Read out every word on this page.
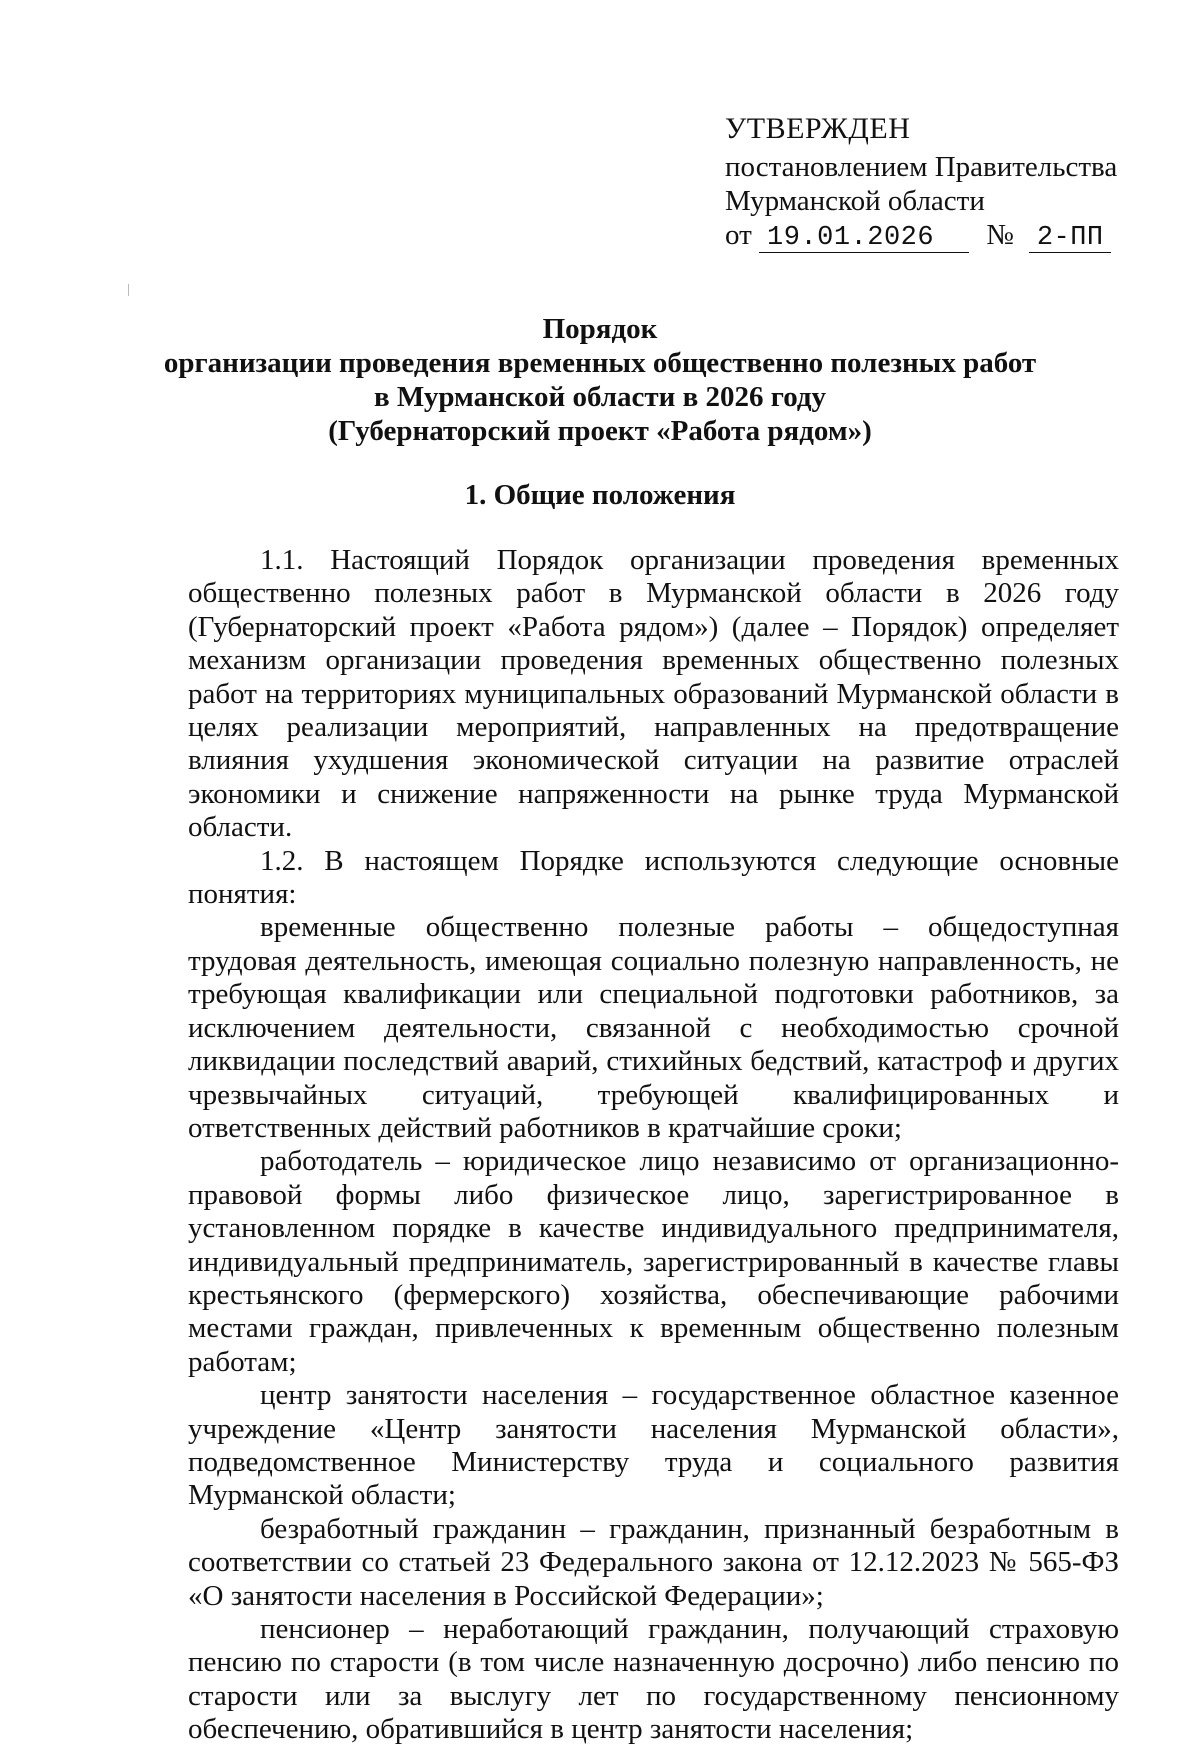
УТВЕРЖДЕН
постановлением Правительства
Мурманской области
от 19.01.2026 № 2-ПП
Порядок
организации проведения временных общественно полезных работ
в Мурманской области в 2026 году
(Губернаторский проект «Работа рядом»)
1. Общие положения

1.1. Настоящий Порядок организации проведения временных общественно полезных работ в Мурманской области в 2026 году (Губернаторский проект «Работа рядом») (далее – Порядок) определяет механизм организации проведения временных общественно полезных работ на территориях муниципальных образований Мурманской области в целях реализации мероприятий, направленных на предотвращение влияния ухудшения экономической ситуации на развитие отраслей экономики и снижение напряженности на рынке труда Мурманской области.

1.2. В настоящем Порядке используются следующие основные понятия:

временные общественно полезные работы – общедоступная трудовая деятельность, имеющая социально полезную направленность, не требующая квалификации или специальной подготовки работников, за исключением деятельности, связанной с необходимостью срочной ликвидации последствий аварий, стихийных бедствий, катастроф и других чрезвычайных ситуаций, требующей квалифицированных и ответственных действий работников в кратчайшие сроки;

работодатель – юридическое лицо независимо от организационно-правовой формы либо физическое лицо, зарегистрированное в установленном порядке в качестве индивидуального предпринимателя, индивидуальный предприниматель, зарегистрированный в качестве главы крестьянского (фермерского) хозяйства, обеспечивающие рабочими местами граждан, привлеченных к временным общественно полезным работам;

центр занятости населения – государственное областное казенное учреждение «Центр занятости населения Мурманской области», подведомственное Министерству труда и социального развития Мурманской области;

безработный гражданин – гражданин, признанный безработным в соответствии со статьей 23 Федерального закона от 12.12.2023 № 565-ФЗ «О занятости населения в Российской Федерации»;

пенсионер – неработающий гражданин, получающий страховую пенсию по старости (в том числе назначенную досрочно) либо пенсию по старости или за выслугу лет по государственному пенсионному обеспечению, обратившийся в центр занятости населения;
